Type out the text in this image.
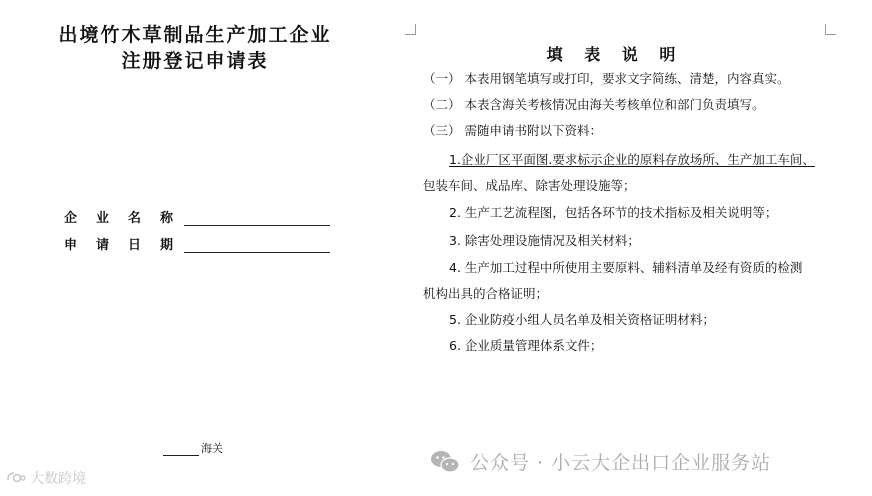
出境竹木草制品生产加工企业
注册登记申请表
企业名称
申请日期
海关
大数跨境
填 表 说 明
（一） 本表用钢笔填写或打印，要求文字简练、清楚，内容真实。
（二） 本表含海关考核情况由海关考核单位和部门负责填写。
（三） 需随申请书附以下资料：
1.企业厂区平面图.要求标示企业的原料存放场所、生产加工车间、
包装车间、成品库、除害处理设施等；
2. 生产工艺流程图，包括各环节的技术指标及相关说明等；
3. 除害处理设施情况及相关材料；
4. 生产加工过程中所使用主要原料、辅料清单及经有资质的检测
机构出具的合格证明；
5. 企业防疫小组人员名单及相关资格证明材料；
6. 企业质量管理体系文件；
公众号 · 小云大企出口企业服务站
